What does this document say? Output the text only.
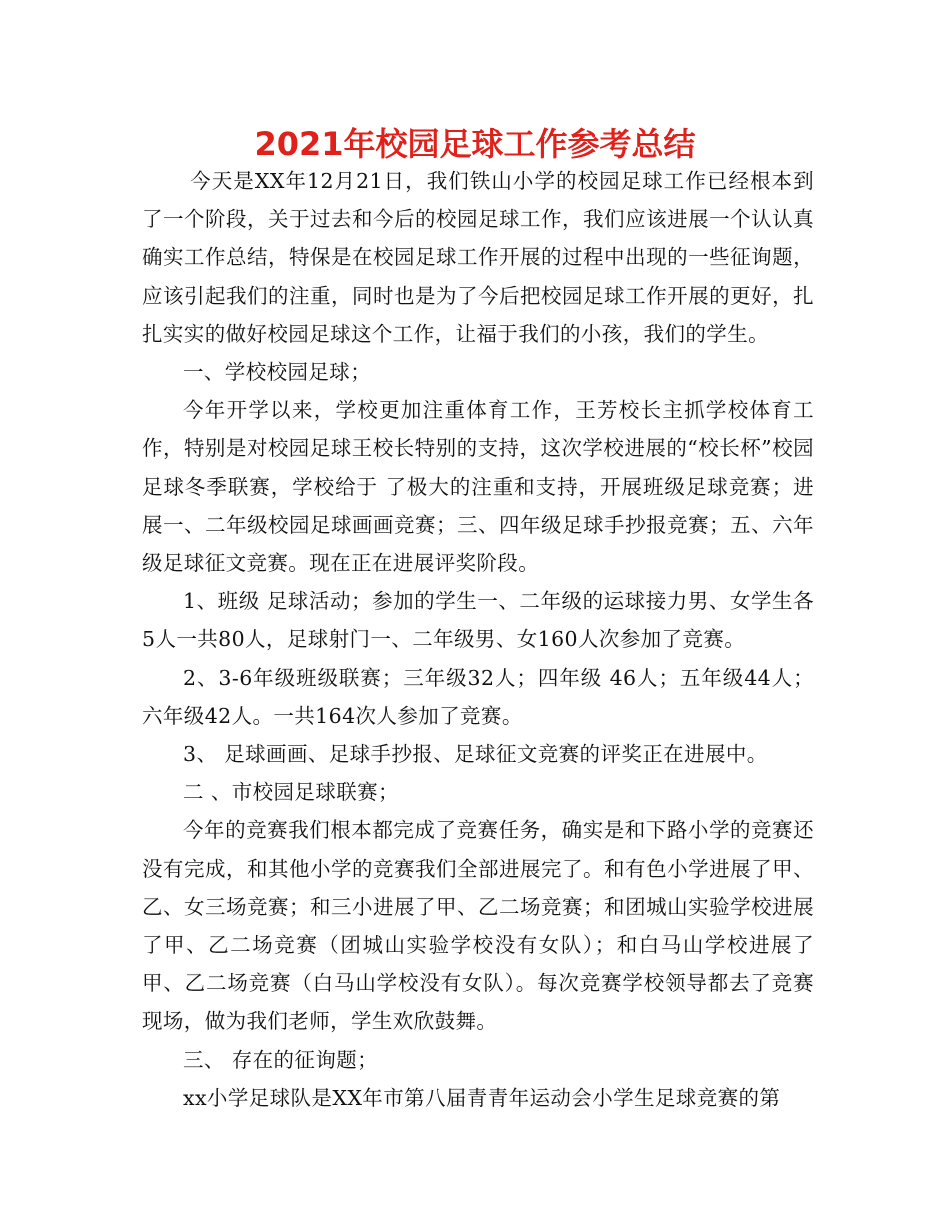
2021年校园足球工作参考总结

今天是XX年12月21日，我们铁山小学的校园足球工作已经根本到了一个阶段，关于过去和今后的校园足球工作，我们应该进展一个认认真确实工作总结，特保是在校园足球工作开展的过程中出现的一些征询题，应该引起我们的注重，同时也是为了今后把校园足球工作开展的更好，扎扎实实的做好校园足球这个工作，让福于我们的小孩，我们的学生。

一、学校校园足球；

今年开学以来，学校更加注重体育工作，王芳校长主抓学校体育工作，特别是对校园足球王校长特别的支持，这次学校进展的“校长杯”校园足球冬季联赛，学校给于 了极大的注重和支持，开展班级足球竞赛；进展一、二年级校园足球画画竞赛；三、四年级足球手抄报竞赛；五、六年级足球征文竞赛。现在正在进展评奖阶段。

1、班级 足球活动；参加的学生一、二年级的运球接力男、女学生各5人一共80人，足球射门一、二年级男、女160人次参加了竞赛。

2、3-6年级班级联赛；三年级32人；四年级 46人；五年级44人；六年级42人。一共164次人参加了竞赛。

3、 足球画画、足球手抄报、足球征文竞赛的评奖正在进展中。

二 、市校园足球联赛；

今年的竞赛我们根本都完成了竞赛任务，确实是和下路小学的竞赛还没有完成，和其他小学的竞赛我们全部进展完了。和有色小学进展了甲、乙、女三场竞赛；和三小进展了甲、乙二场竞赛；和团城山实验学校进展了甲、乙二场竞赛（团城山实验学校没有女队）；和白马山学校进展了甲、乙二场竞赛（白马山学校没有女队）。每次竞赛学校领导都去了竞赛现场，做为我们老师，学生欢欣鼓舞。

三、 存在的征询题；

xx小学足球队是XX年市第八届青青年运动会小学生足球竞赛的第
